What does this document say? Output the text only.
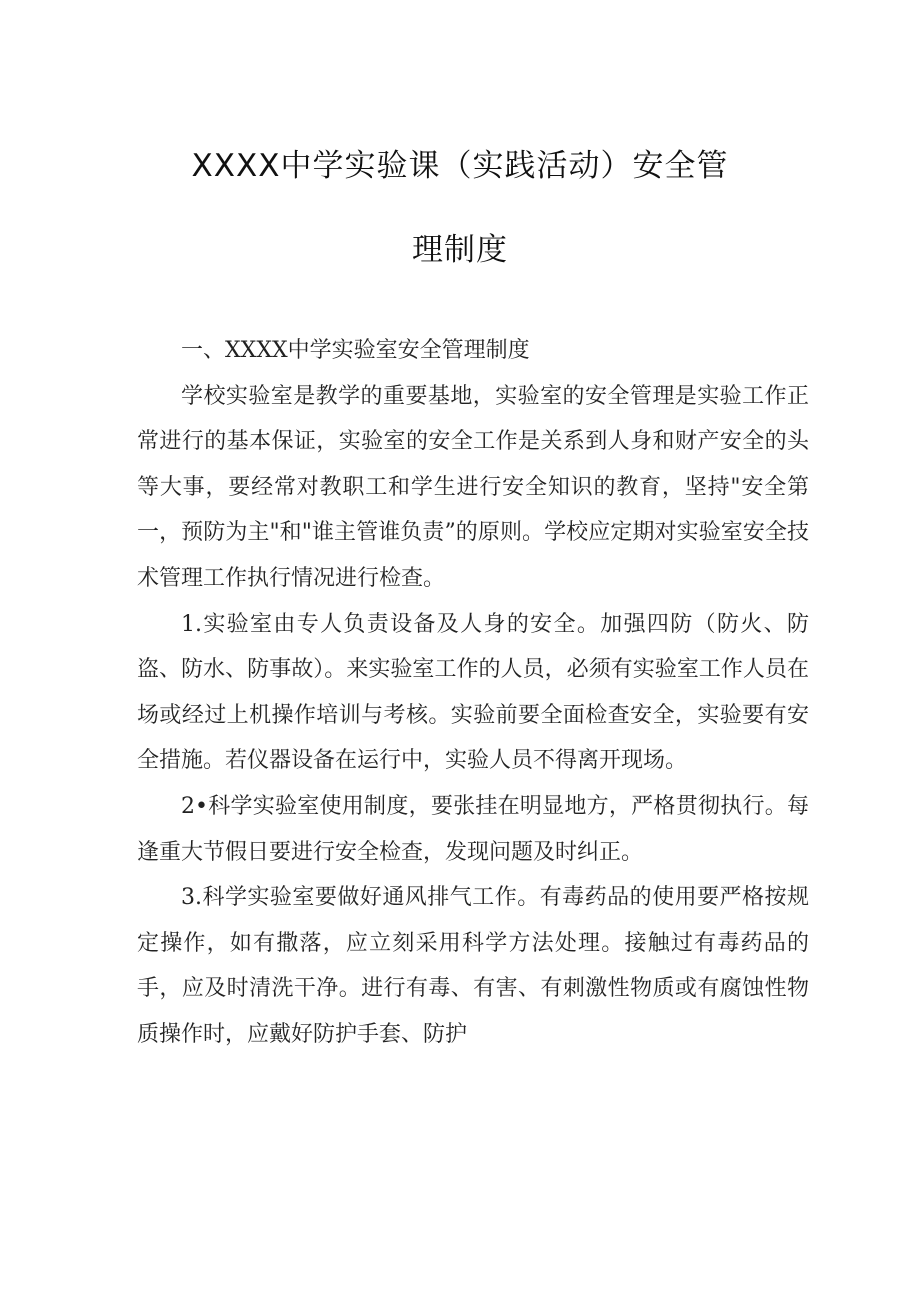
XXXX中学实验课（实践活动）安全管
理制度

一、XXXX中学实验室安全管理制度

学校实验室是教学的重要基地，实验室的安全管理是实验工作正常进行的基本保证，实验室的安全工作是关系到人身和财产安全的头等大事，要经常对教职工和学生进行安全知识的教育，坚持"安全第一，预防为主"和"谁主管谁负责”的原则。学校应定期对实验室安全技术管理工作执行情况进行检查。

1.实验室由专人负责设备及人身的安全。加强四防（防火、防盗、防水、防事故）。来实验室工作的人员，必须有实验室工作人员在场或经过上机操作培训与考核。实验前要全面检查安全，实验要有安全措施。若仪器设备在运行中，实验人员不得离开现场。

2•科学实验室使用制度，要张挂在明显地方，严格贯彻执行。每逢重大节假日要进行安全检查，发现问题及时纠正。

3.科学实验室要做好通风排气工作。有毒药品的使用要严格按规定操作，如有撒落，应立刻采用科学方法处理。接触过有毒药品的手，应及时清洗干净。进行有毒、有害、有刺激性物质或有腐蚀性物质操作时，应戴好防护手套、防护
